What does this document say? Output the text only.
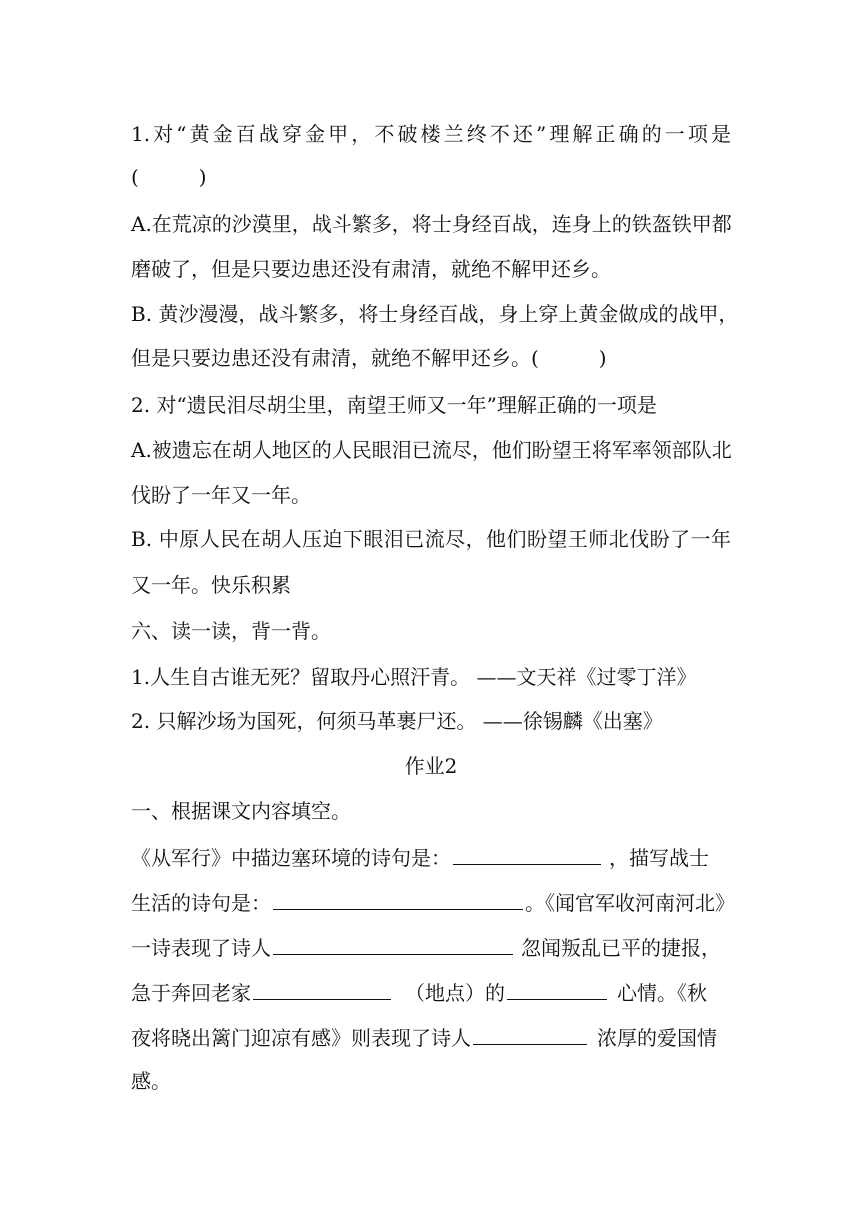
1.对“黄金百战穿金甲，不破楼兰终不还”理解正确的一项是
(　　　)
A.在荒凉的沙漠里，战斗繁多，将士身经百战，连身上的铁盔铁甲都
磨破了，但是只要边患还没有肃清，就绝不解甲还乡。
B. 黄沙漫漫，战斗繁多，将士身经百战，身上穿上黄金做成的战甲，
但是只要边患还没有肃清，就绝不解甲还乡。(　　　)
2. 对“遗民泪尽胡尘里，南望王师又一年”理解正确的一项是
A.被遗忘在胡人地区的人民眼泪已流尽，他们盼望王将军率领部队北
伐盼了一年又一年。
B. 中原人民在胡人压迫下眼泪已流尽，他们盼望王师北伐盼了一年
又一年。快乐积累
六、读一读，背一背。
1.人生自古谁无死？留取丹心照汗青。 ——文天祥《过零丁洋》
2. 只解沙场为国死，何须马革裹尸还。 ——徐锡麟《出塞》
作业2
一、根据课文内容填空。
《从军行》中描边塞环境的诗句是：	，描写战士
生活的诗句是：	。《闻官军收河南河北》
一诗表现了诗人	忽闻叛乱已平的捷报，
急于奔回老家	（地点）的	心情。《秋
夜将晓出篱门迎凉有感》则表现了诗人	浓厚的爱国情
感。
